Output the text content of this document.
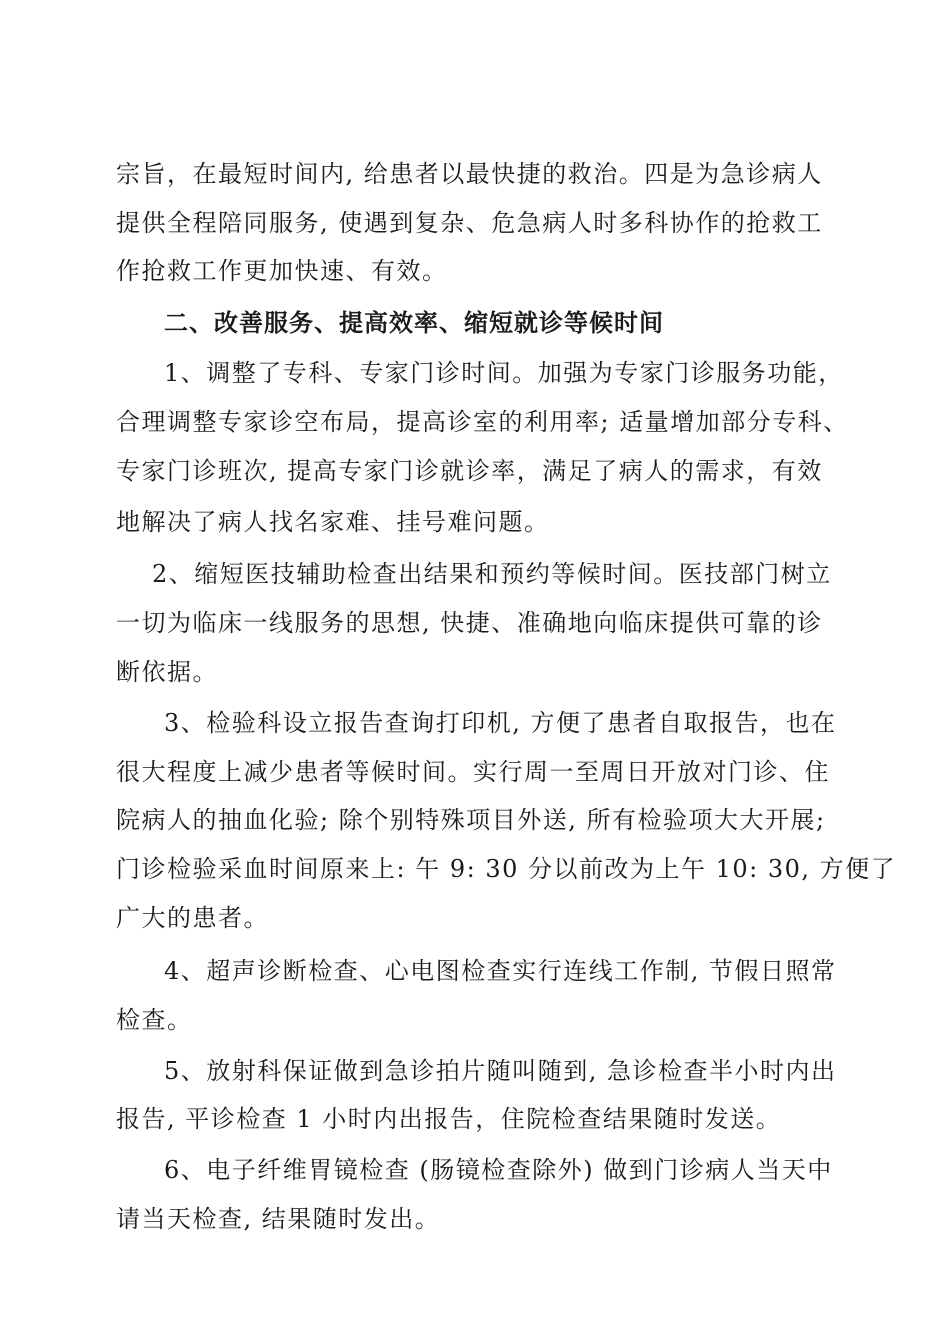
宗旨，在最短时间内, 给患者以最快捷的救治。四是为急诊病人
提供全程陪同服务, 使遇到复杂、危急病人时多科协作的抢救工
作抢救工作更加快速、有效。
二、改善服务、提高效率、缩短就诊等候时间
1、调整了专科、专家门诊时间。加强为专家门诊服务功能，
合理调整专家诊空布局，提高诊室的利用率; 适量增加部分专科、
专家门诊班次, 提高专家门诊就诊率，满足了病人的需求，有效
地解决了病人找名家难、挂号难问题。
2、缩短医技辅助检查出结果和预约等候时间。医技部门树立
一切为临床一线服务的思想, 快捷、准确地向临床提供可靠的诊
断依据。
3、检验科设立报告查询打印机, 方便了患者自取报告，也在
很大程度上减少患者等候时间。实行周一至周日开放对门诊、住
院病人的抽血化验; 除个别特殊项目外送, 所有检验项大大开展;
门诊检验采血时间原来上: 午 9: 30 分以前改为上午 10: 30, 方便了
广大的患者。
4、超声诊断检查、心电图检查实行连线工作制, 节假日照常
检查。
5、放射科保证做到急诊拍片随叫随到, 急诊检查半小时内出
报告, 平诊检查 1 小时内出报告，住院检查结果随时发送。
6、电子纤维胃镜检查 (肠镜检查除外) 做到门诊病人当天中
请当天检查, 结果随时发出。
